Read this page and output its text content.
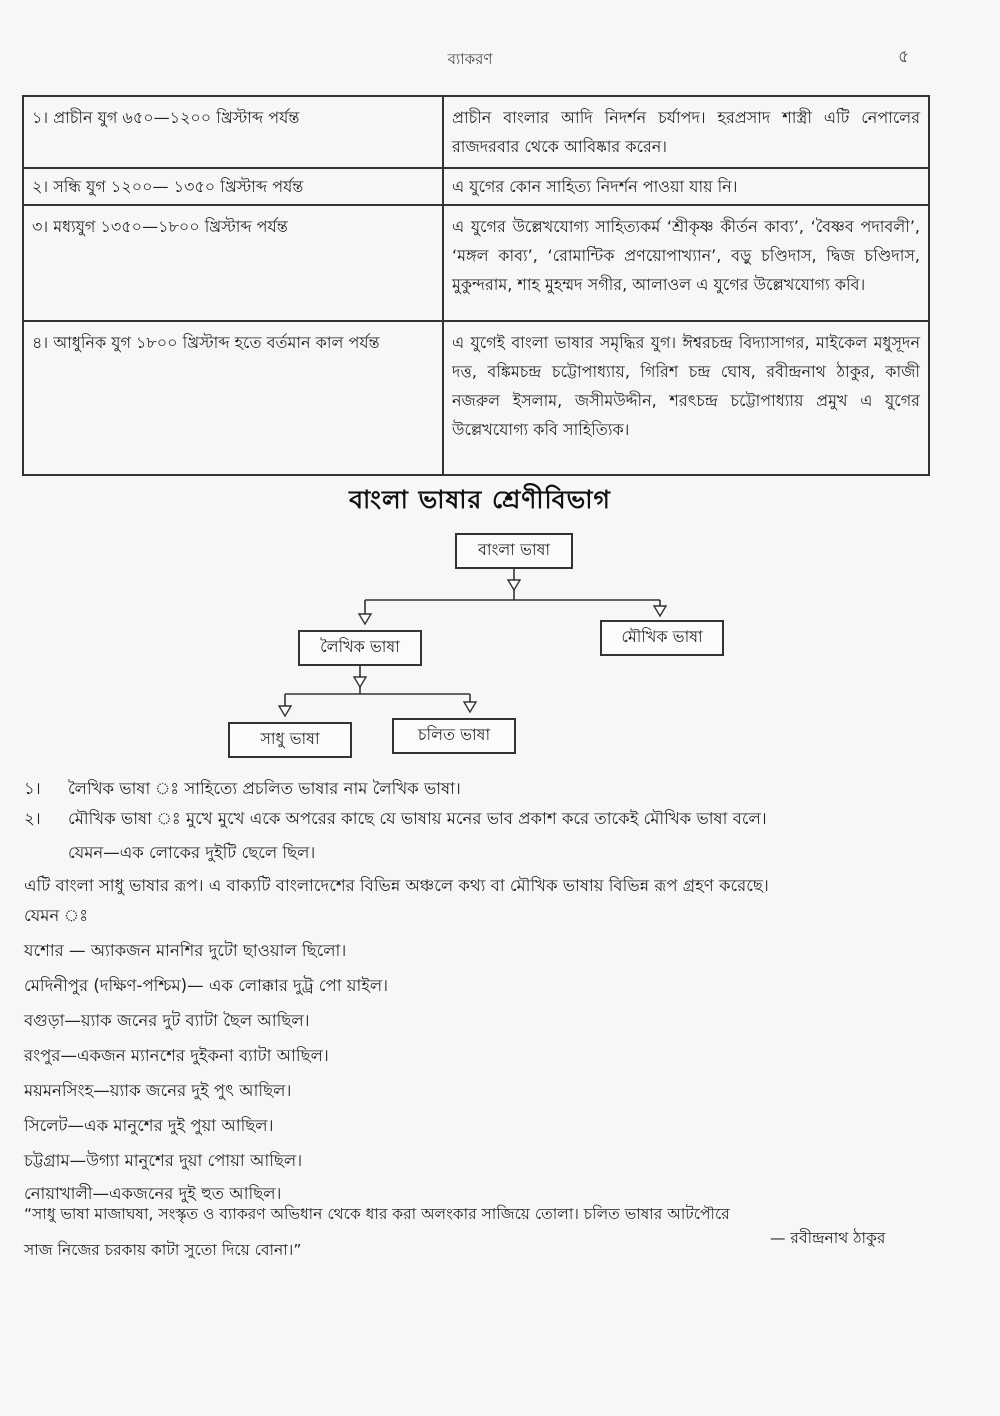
ব্যাকরণ	৫
১। প্রাচীন যুগ ৬৫০—১২০০ খ্রিস্টাব্দ পর্যন্ত	প্রাচীন বাংলার আদি নিদর্শন চর্যাপদ। হরপ্রসাদ শাস্ত্রী এটি নেপালের রাজদরবার থেকে আবিষ্কার করেন।
২। সন্ধি যুগ ১২০০— ১৩৫০ খ্রিস্টাব্দ পর্যন্ত	এ যুগের কোন সাহিত্য নিদর্শন পাওয়া যায় নি।
৩। মধ্যযুগ ১৩৫০—১৮০০ খ্রিস্টাব্দ পর্যন্ত	এ যুগের উল্লেখযোগ্য সাহিত্যকর্ম ‘শ্রীকৃষ্ণ কীর্তন কাব্য’, ‘বৈষ্ণব পদাবলী’, ‘মঙ্গল কাব্য’, ‘রোমান্টিক প্রণয়োপাখ্যান’, বড়ু চণ্ডিদাস, দ্বিজ চণ্ডিদাস, মুকুন্দরাম, শাহ মুহম্মদ সগীর, আলাওল এ যুগের উল্লেখযোগ্য কবি।
৪। আধুনিক যুগ ১৮০০ খ্রিস্টাব্দ হতে বর্তমান কাল পর্যন্ত	এ যুগেই বাংলা ভাষার সমৃদ্ধির যুগ। ঈশ্বরচন্দ্র বিদ্যাসাগর, মাইকেল মধুসূদন দত্ত, বঙ্কিমচন্দ্র চট্টোপাধ্যায়, গিরিশ চন্দ্র ঘোষ, রবীন্দ্রনাথ ঠাকুর, কাজী নজরুল ইসলাম, জসীমউদ্দীন, শরৎচন্দ্র চট্টোপাধ্যায় প্রমুখ এ যুগের উল্লেখযোগ্য কবি সাহিত্যিক।
বাংলা ভাষার শ্রেণীবিভাগ
বাংলা ভাষা
লৈখিক ভাষা
মৌখিক ভাষা
সাধু ভাষা	চলিত ভাষা
১। লৈখিক ভাষা ঃ সাহিত্যে প্রচলিত ভাষার নাম লৈখিক ভাষা।
২। মৌখিক ভাষা ঃ মুখে মুখে একে অপরের কাছে যে ভাষায় মনের ভাব প্রকাশ করে তাকেই মৌখিক ভাষা বলে।
যেমন—এক লোকের দুইটি ছেলে ছিল।
এটি বাংলা সাধু ভাষার রূপ। এ বাক্যটি বাংলাদেশের বিভিন্ন অঞ্চলে কথ্য বা মৌখিক ভাষায় বিভিন্ন রূপ গ্রহণ করেছে।
যেমন ঃ
যশোর — অ্যাকজন মানশির দুটো ছাওয়াল ছিলো।
মেদিনীপুর (দক্ষিণ-পশ্চিম)— এক লোক্কার দুট্র পো য়াইল।
বগুড়া—য়্যাক জনের দুট ব্যাটা ছৈল আছিল।
রংপুর—একজন ম্যানশের দুইকনা ব্যাটা আছিল।
ময়মনসিংহ—য়্যাক জনের দুই পুৎ আছিল।
সিলেট—এক মানুশের দুই পুয়া আছিল।
চট্টগ্রাম—উগ্যা মানুশের দুয়া পোয়া আছিল।
নোয়াখালী—একজনের দুই হুত আছিল।
“সাধু ভাষা মাজাঘষা, সংস্কৃত ও ব্যাকরণ অভিধান থেকে ধার করা অলংকার সাজিয়ে তোলা। চলিত ভাষার আটপৌরে
সাজ নিজের চরকায় কাটা সুতো দিয়ে বোনা।”
— রবীন্দ্রনাথ ঠাকুর
